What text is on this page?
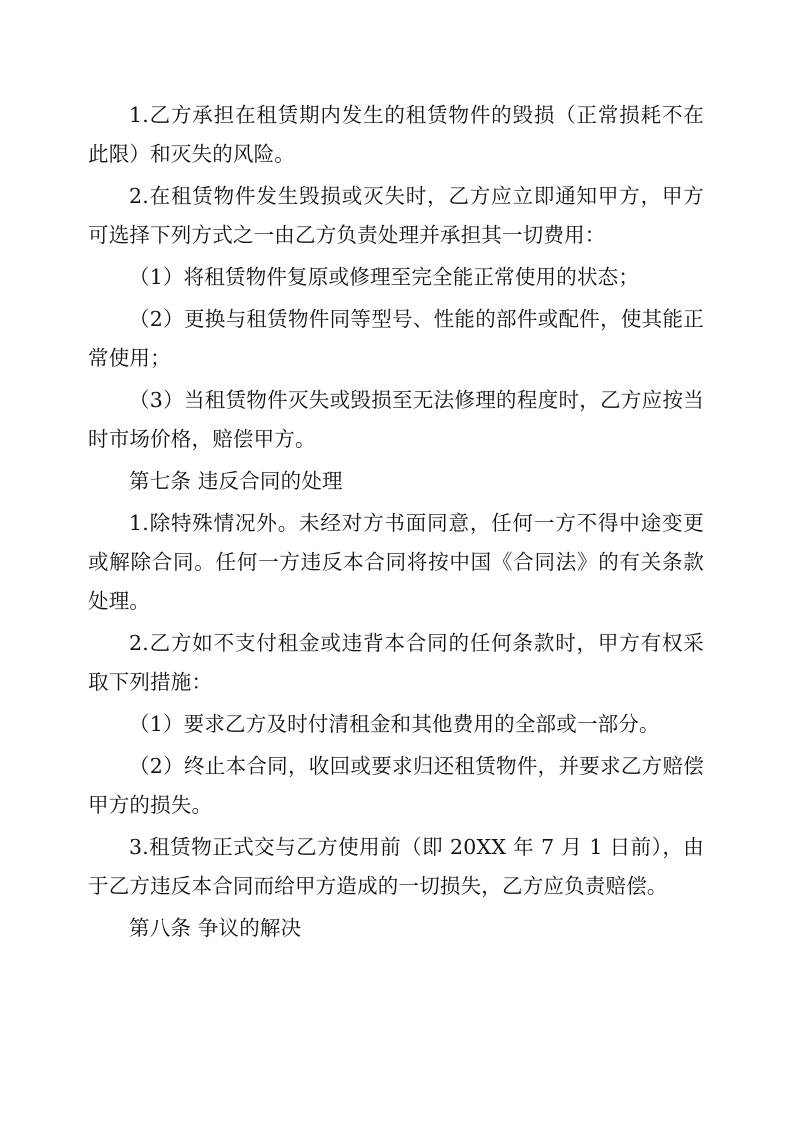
1.乙方承担在租赁期内发生的租赁物件的毁损（正常损耗不在此限）和灭失的风险。

2.在租赁物件发生毁损或灭失时，乙方应立即通知甲方，甲方可选择下列方式之一由乙方负责处理并承担其一切费用：

（1）将租赁物件复原或修理至完全能正常使用的状态；

（2）更换与租赁物件同等型号、性能的部件或配件，使其能正常使用；

（3）当租赁物件灭失或毁损至无法修理的程度时，乙方应按当时市场价格，赔偿甲方。

第七条 违反合同的处理

1.除特殊情况外。未经对方书面同意，任何一方不得中途变更或解除合同。任何一方违反本合同将按中国《合同法》的有关条款处理。

2.乙方如不支付租金或违背本合同的任何条款时，甲方有权采取下列措施：

（1）要求乙方及时付清租金和其他费用的全部或一部分。

（2）终止本合同，收回或要求归还租赁物件，并要求乙方赔偿甲方的损失。

3.租赁物正式交与乙方使用前（即 20XX 年 7 月 1 日前），由于乙方违反本合同而给甲方造成的一切损失，乙方应负责赔偿。

第八条 争议的解决
